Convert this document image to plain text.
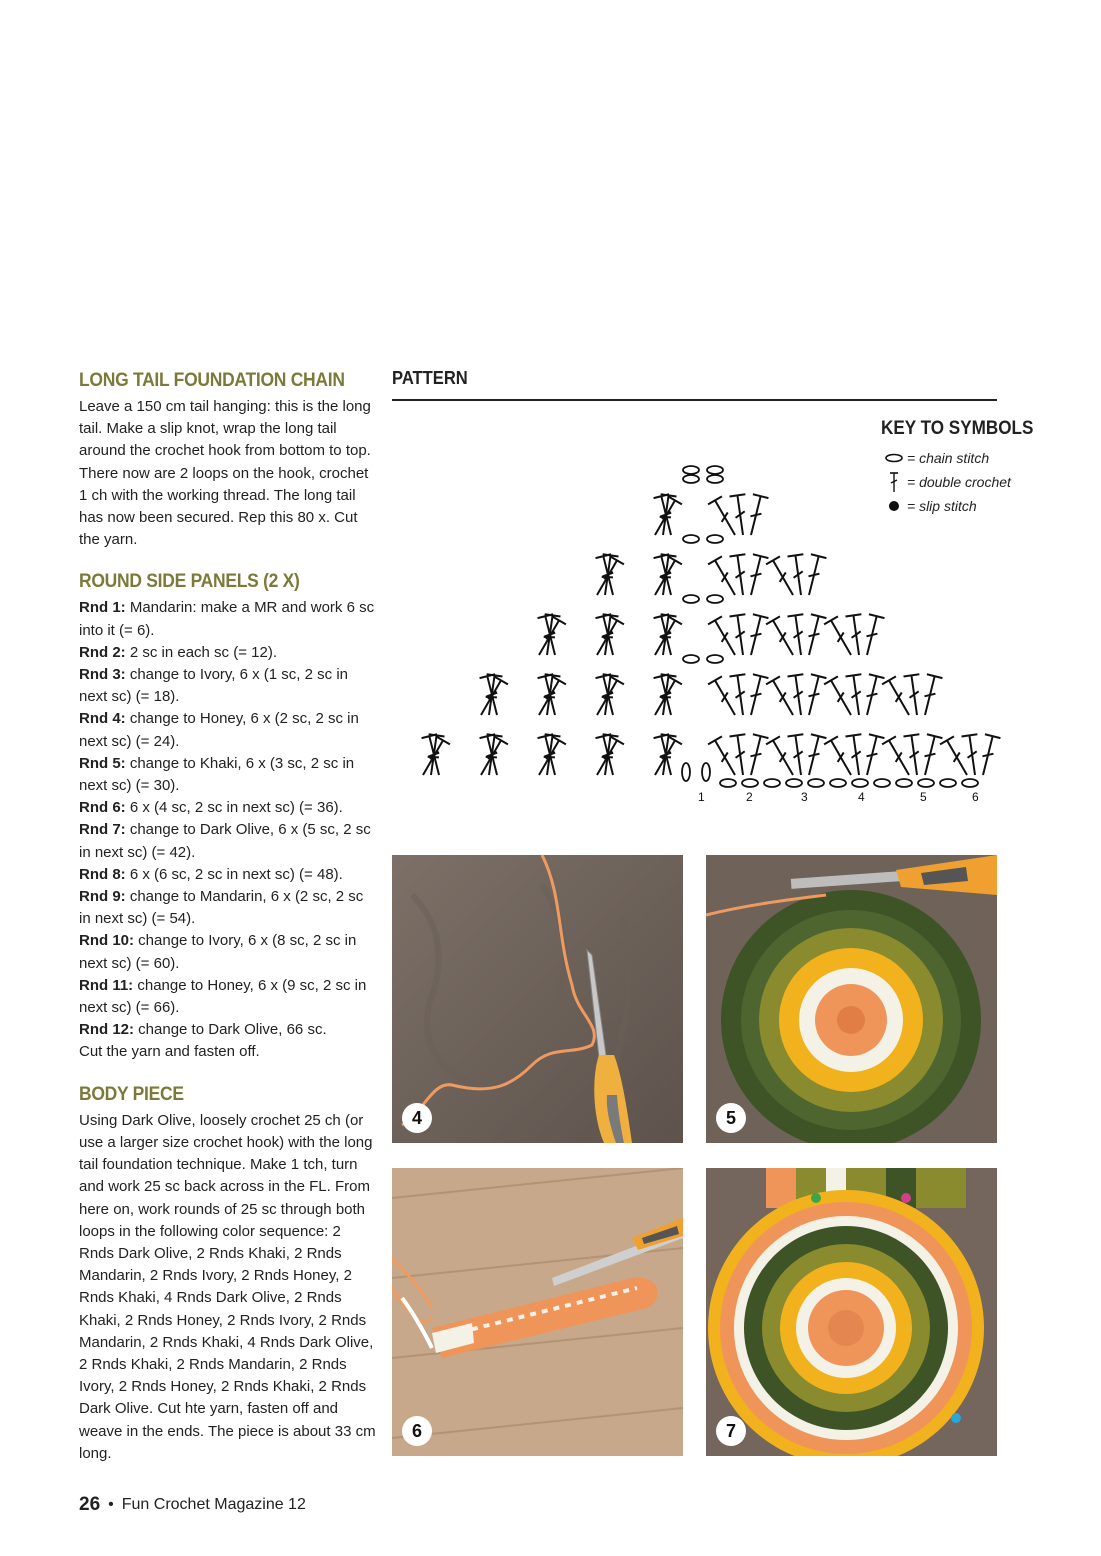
LONG TAIL FOUNDATION CHAIN

Leave a 150 cm tail hanging: this is the long tail. Make a slip knot, wrap the long tail around the crochet hook from bottom to top. There now are 2 loops on the hook, crochet 1 ch with the working thread. The long tail has now been secured. Rep this 80 x. Cut the yarn.

ROUND SIDE PANELS (2 X)

Rnd 1: Mandarin: make a MR and work 6 sc into it (= 6).

Rnd 2: 2 sc in each sc (= 12).

Rnd 3: change to Ivory, 6 x (1 sc, 2 sc in next sc) (= 18).

Rnd 4: change to Honey, 6 x (2 sc, 2 sc in next sc) (= 24).

Rnd 5: change to Khaki, 6 x (3 sc, 2 sc in next sc) (= 30).

Rnd 6: 6 x (4 sc, 2 sc in next sc) (= 36).

Rnd 7: change to Dark Olive, 6 x (5 sc, 2 sc in next sc) (= 42).

Rnd 8: 6 x (6 sc, 2 sc in next sc) (= 48).

Rnd 9: change to Mandarin, 6 x (2 sc, 2 sc in next sc) (= 54).

Rnd 10: change to Ivory, 6 x (8 sc, 2 sc in next sc) (= 60).

Rnd 11: change to Honey, 6 x (9 sc, 2 sc in next sc) (= 66).

Rnd 12: change to Dark Olive, 66 sc.

Cut the yarn and fasten off.

BODY PIECE

Using Dark Olive, loosely crochet 25 ch (or use a larger size crochet hook) with the long tail foundation technique. Make 1 tch, turn and work 25 sc back across in the FL. From here on, work rounds of 25 sc through both loops in the following color sequence: 2 Rnds Dark Olive, 2 Rnds Khaki, 2 Rnds Mandarin, 2 Rnds Ivory, 2 Rnds Honey, 2 Rnds Khaki, 4 Rnds Dark Olive, 2 Rnds Khaki, 2 Rnds Honey, 2 Rnds Ivory, 2 Rnds Mandarin, 2 Rnds Khaki, 4 Rnds Dark Olive, 2 Rnds Khaki, 2 Rnds Mandarin, 2 Rnds Ivory, 2 Rnds Honey, 2 Rnds Khaki, 2 Rnds Dark Olive. Cut hte yarn, fasten off and weave in the ends. The piece is about 33 cm long.

PATTERN
KEY TO SYMBOLS
= chain stitch
= double crochet
= slip stitch
1	2	3	4	5	6
4	5
6	7
26 • Fun Crochet Magazine 12
